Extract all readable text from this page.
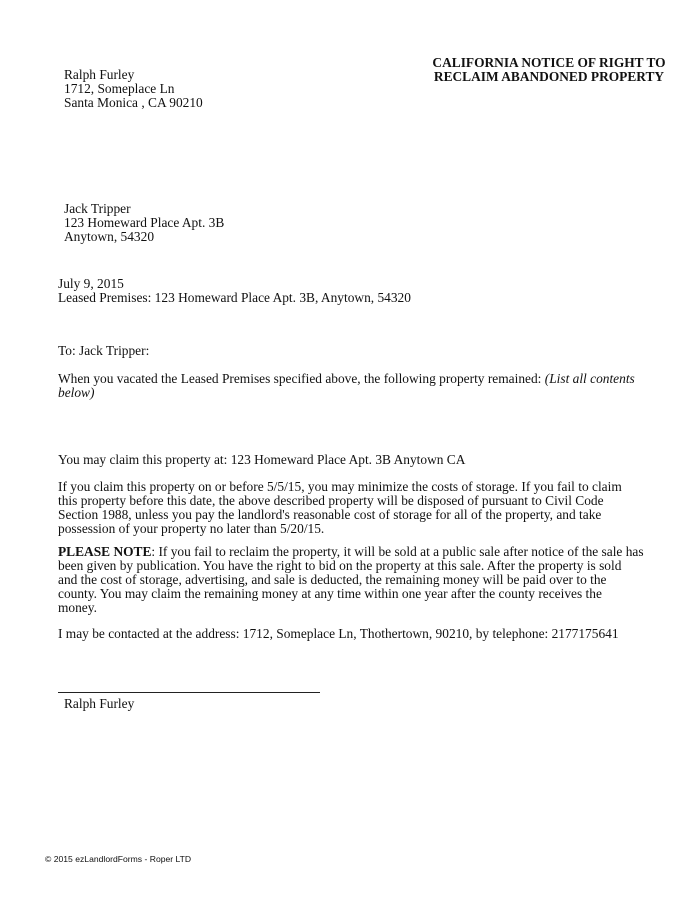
CALIFORNIA NOTICE OF RIGHT TO
RECLAIM ABANDONED PROPERTY
Ralph Furley
1712, Someplace Ln
Santa Monica , CA 90210
Jack Tripper
123 Homeward Place Apt. 3B
Anytown, 54320
July 9, 2015
Leased Premises: 123 Homeward Place Apt. 3B, Anytown, 54320
To: Jack Tripper:
When you vacated the Leased Premises specified above, the following property remained: (List all contents
below)
You may claim this property at: 123 Homeward Place Apt. 3B Anytown CA
If you claim this property on or before 5/5/15, you may minimize the costs of storage. If you fail to claim
this property before this date, the above described property will be disposed of pursuant to Civil Code
Section 1988, unless you pay the landlord's reasonable cost of storage for all of the property, and take
possession of your property no later than 5/20/15.
PLEASE NOTE: If you fail to reclaim the property, it will be sold at a public sale after notice of the sale has
been given by publication. You have the right to bid on the property at this sale. After the property is sold
and the cost of storage, advertising, and sale is deducted, the remaining money will be paid over to the
county. You may claim the remaining money at any time within one year after the county receives the
money.
I may be contacted at the address: 1712, Someplace Ln, Thothertown, 90210, by telephone: 2177175641
Ralph Furley
© 2015 ezLandlordForms - Roper LTD
